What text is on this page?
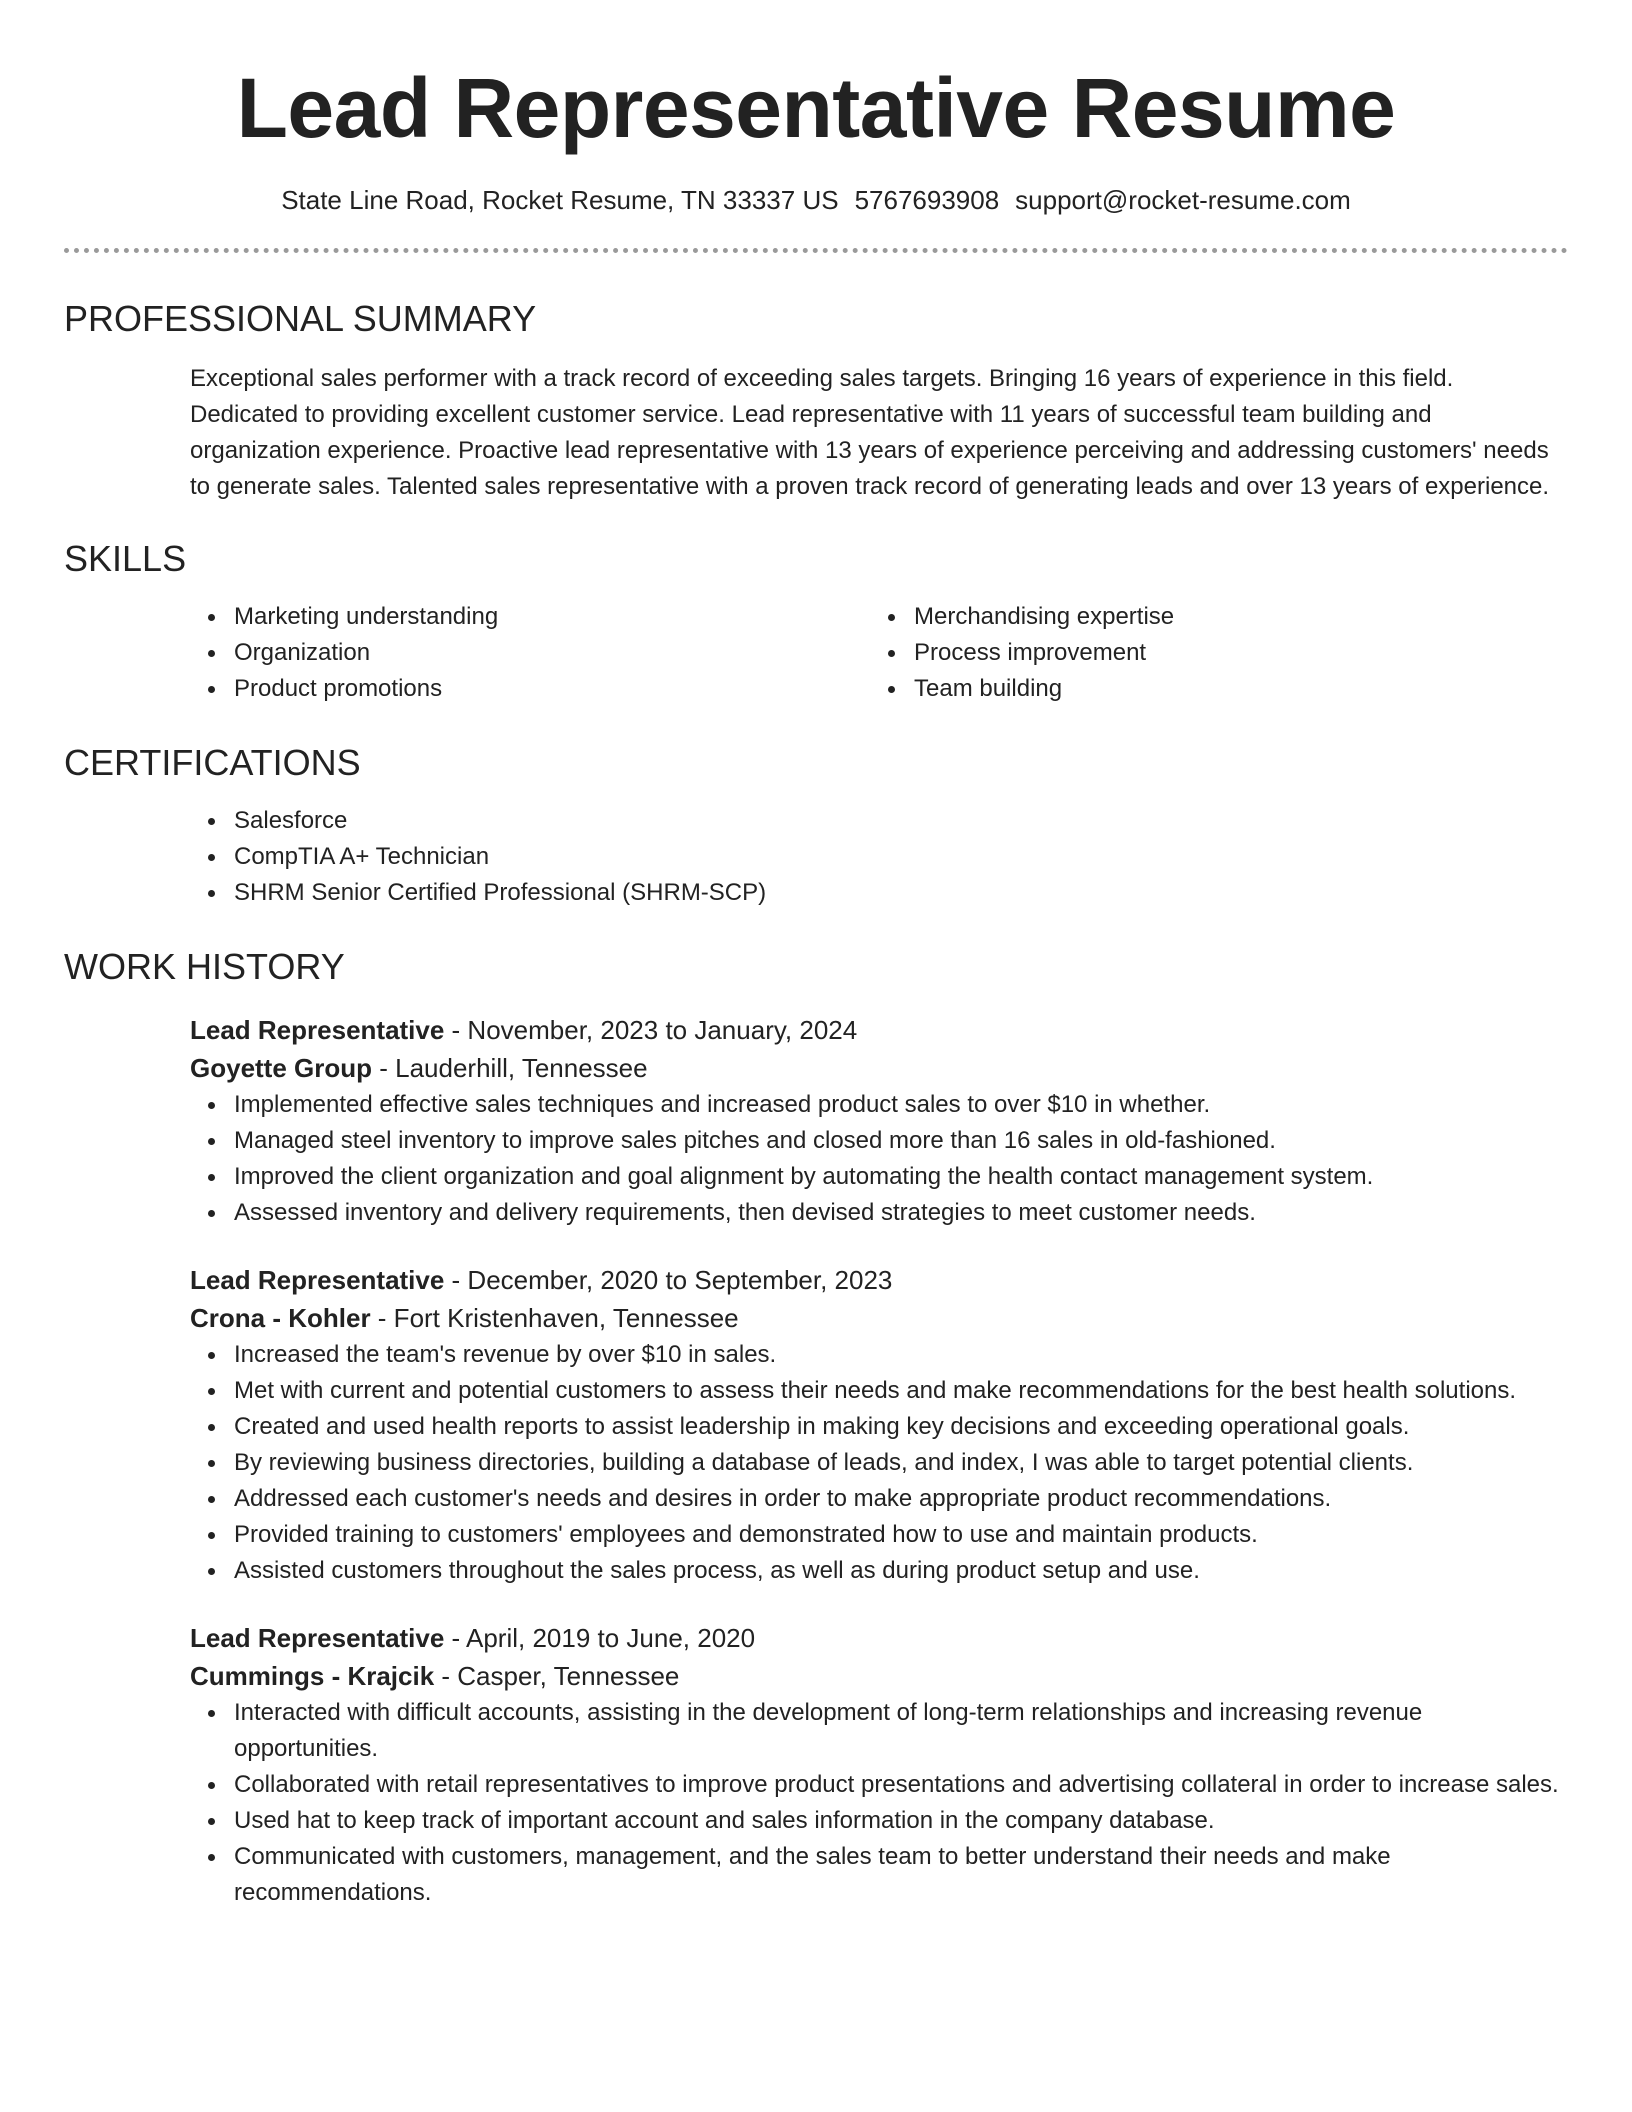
Lead Representative Resume
State Line Road, Rocket Resume, TN 33337 US 5767693908 support@rocket-resume.com
PROFESSIONAL SUMMARY

Exceptional sales performer with a track record of exceeding sales targets. Bringing 16 years of experience in this field. Dedicated to providing excellent customer service. Lead representative with 11 years of successful team building and organization experience. Proactive lead representative with 13 years of experience perceiving and addressing customers' needs to generate sales. Talented sales representative with a proven track record of generating leads and over 13 years of experience.

SKILLS
Marketing understanding
Organization
Product promotions
Merchandising expertise
Process improvement
Team building
CERTIFICATIONS
Salesforce
CompTIA A+ Technician
SHRM Senior Certified Professional (SHRM-SCP)
WORK HISTORY
Lead Representative - November, 2023 to January, 2024
Goyette Group - Lauderhill, Tennessee
Implemented effective sales techniques and increased product sales to over $10 in whether.
Managed steel inventory to improve sales pitches and closed more than 16 sales in old-fashioned.
Improved the client organization and goal alignment by automating the health contact management system.
Assessed inventory and delivery requirements, then devised strategies to meet customer needs.
Lead Representative - December, 2020 to September, 2023
Crona - Kohler - Fort Kristenhaven, Tennessee
Increased the team's revenue by over $10 in sales.
Met with current and potential customers to assess their needs and make recommendations for the best health solutions.
Created and used health reports to assist leadership in making key decisions and exceeding operational goals.
By reviewing business directories, building a database of leads, and index, I was able to target potential clients.
Addressed each customer's needs and desires in order to make appropriate product recommendations.
Provided training to customers' employees and demonstrated how to use and maintain products.
Assisted customers throughout the sales process, as well as during product setup and use.
Lead Representative - April, 2019 to June, 2020
Cummings - Krajcik - Casper, Tennessee
Interacted with difficult accounts, assisting in the development of long-term relationships and increasing revenue opportunities.
Collaborated with retail representatives to improve product presentations and advertising collateral in order to increase sales.
Used hat to keep track of important account and sales information in the company database.
Communicated with customers, management, and the sales team to better understand their needs and make recommendations.
